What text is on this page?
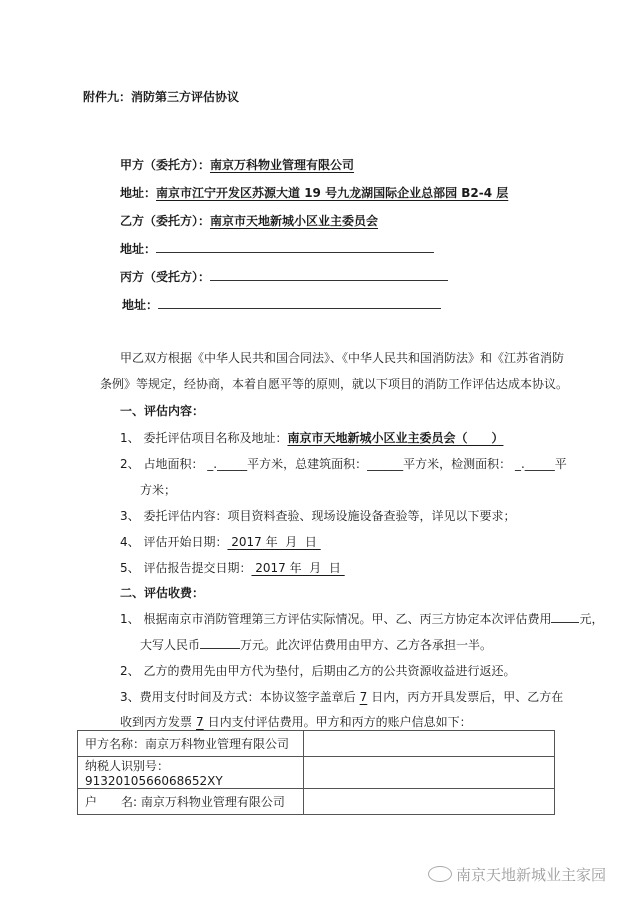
附件九：消防第三方评估协议
甲方（委托方）：南京万科物业管理有限公司
地址：南京市江宁开发区苏源大道 19 号九龙湖国际企业总部园 B2-4 层
乙方（委托方）：南京市天地新城小区业主委员会
地址：
丙方（受托方）：
地址：
甲乙双方根据《中华人民共和国合同法》、《中华人民共和国消防法》和《江苏省消防
条例》等规定，经协商，本着自愿平等的原则，就以下项目的消防工作评估达成本协议。
一、评估内容：
1、 委托评估项目名称及地址：南京市天地新城小区业主委员会（　　）
2、 占地面积： _._____平方米，总建筑面积：______平方米，检测面积： _._____平
方米；
3、 委托评估内容：项目资料查验、现场设施设备查验等，详见以下要求；
4、 评估开始日期： 2017 年  月  日
5、 评估报告提交日期： 2017 年  月  日
二、评估收费：
1、 根据南京市消防管理第三方评估实际情况。甲、乙、丙三方协定本次评估费用 元，
大写人民币	万元。此次评估费用由甲方、乙方各承担一半。
2、 乙方的费用先由甲方代为垫付，后期由乙方的公共资源收益进行返还。
3、费用支付时间及方式：本协议签字盖章后 7 日内，丙方开具发票后，甲、乙方在
收到丙方发票 7 日内支付评估费用。甲方和丙方的账户信息如下：
甲方名称：南京万科物业管理有限公司	
纳税人识别号：9132010566068652XY	
户　　名: 南京万科物业管理有限公司	
南京天地新城业主家园
